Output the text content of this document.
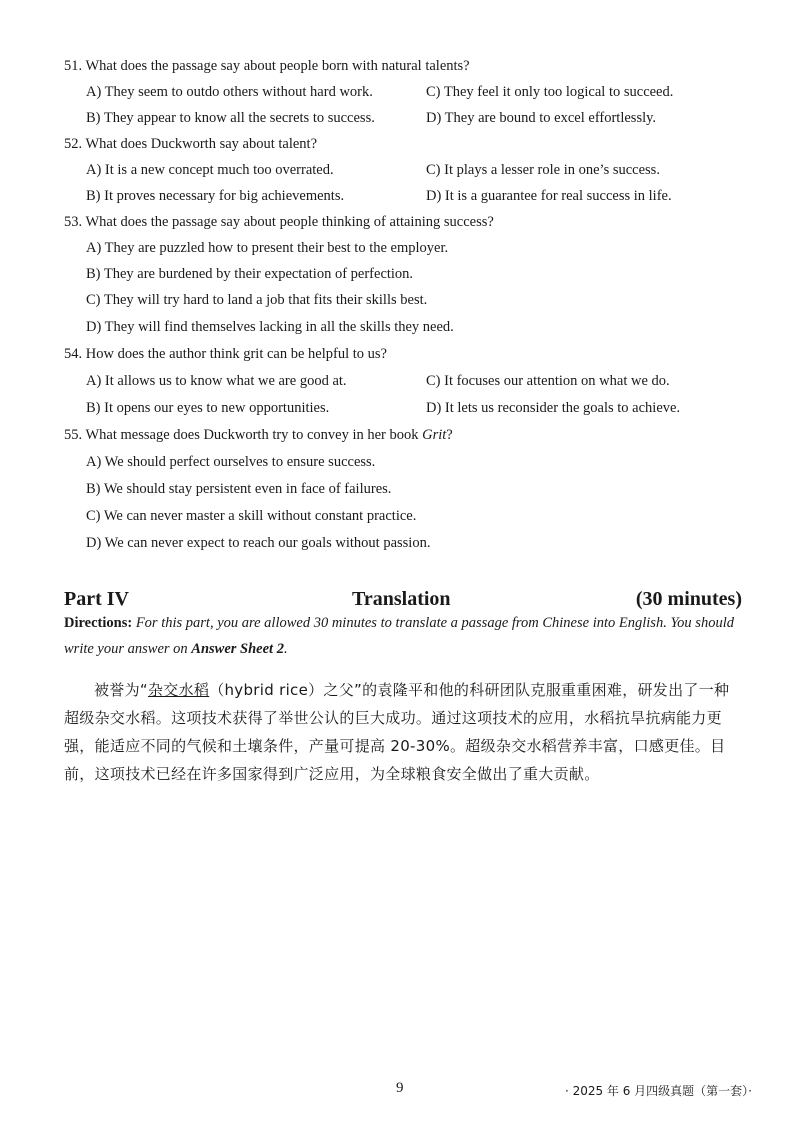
51. What does the passage say about people born with natural talents?
A) They seem to outdo others without hard work.	C) They feel it only too logical to succeed.
B) They appear to know all the secrets to success.	D) They are bound to excel effortlessly.
52. What does Duckworth say about talent?
A) It is a new concept much too overrated.	C) It plays a lesser role in one’s success.
B) It proves necessary for big achievements.	D) It is a guarantee for real success in life.
53. What does the passage say about people thinking of attaining success?
A) They are puzzled how to present their best to the employer.
B) They are burdened by their expectation of perfection.
C) They will try hard to land a job that fits their skills best.
D) They will find themselves lacking in all the skills they need.
54. How does the author think grit can be helpful to us?
A) It allows us to know what we are good at.	C) It focuses our attention on what we do.
B) It opens our eyes to new opportunities.	D) It lets us reconsider the goals to achieve.
55. What message does Duckworth try to convey in her book Grit?
A) We should perfect ourselves to ensure success.
B) We should stay persistent even in face of failures.
C) We can never master a skill without constant practice.
D) We can never expect to reach our goals without passion.
Part IV	Translation	(30 minutes)
Directions: For this part, you are allowed 30 minutes to translate a passage from Chinese into English. You should write your answer on Answer Sheet 2.
被誉为“杂交水稻（hybrid rice）之父”的袁隆平和他的科研团队克服重重困难，研发出了一种超级杂交水稻。这项技术获得了举世公认的巨大成功。通过这项技术的应用，水稻抗旱抗病能力更强，能适应不同的气候和土壤条件，产量可提高 20-30%。超级杂交水稻营养丰富，口感更佳。目前，这项技术已经在许多国家得到广泛应用，为全球粮食安全做出了重大贡献。
9	· 2025 年 6 月四级真题（第一套）·
